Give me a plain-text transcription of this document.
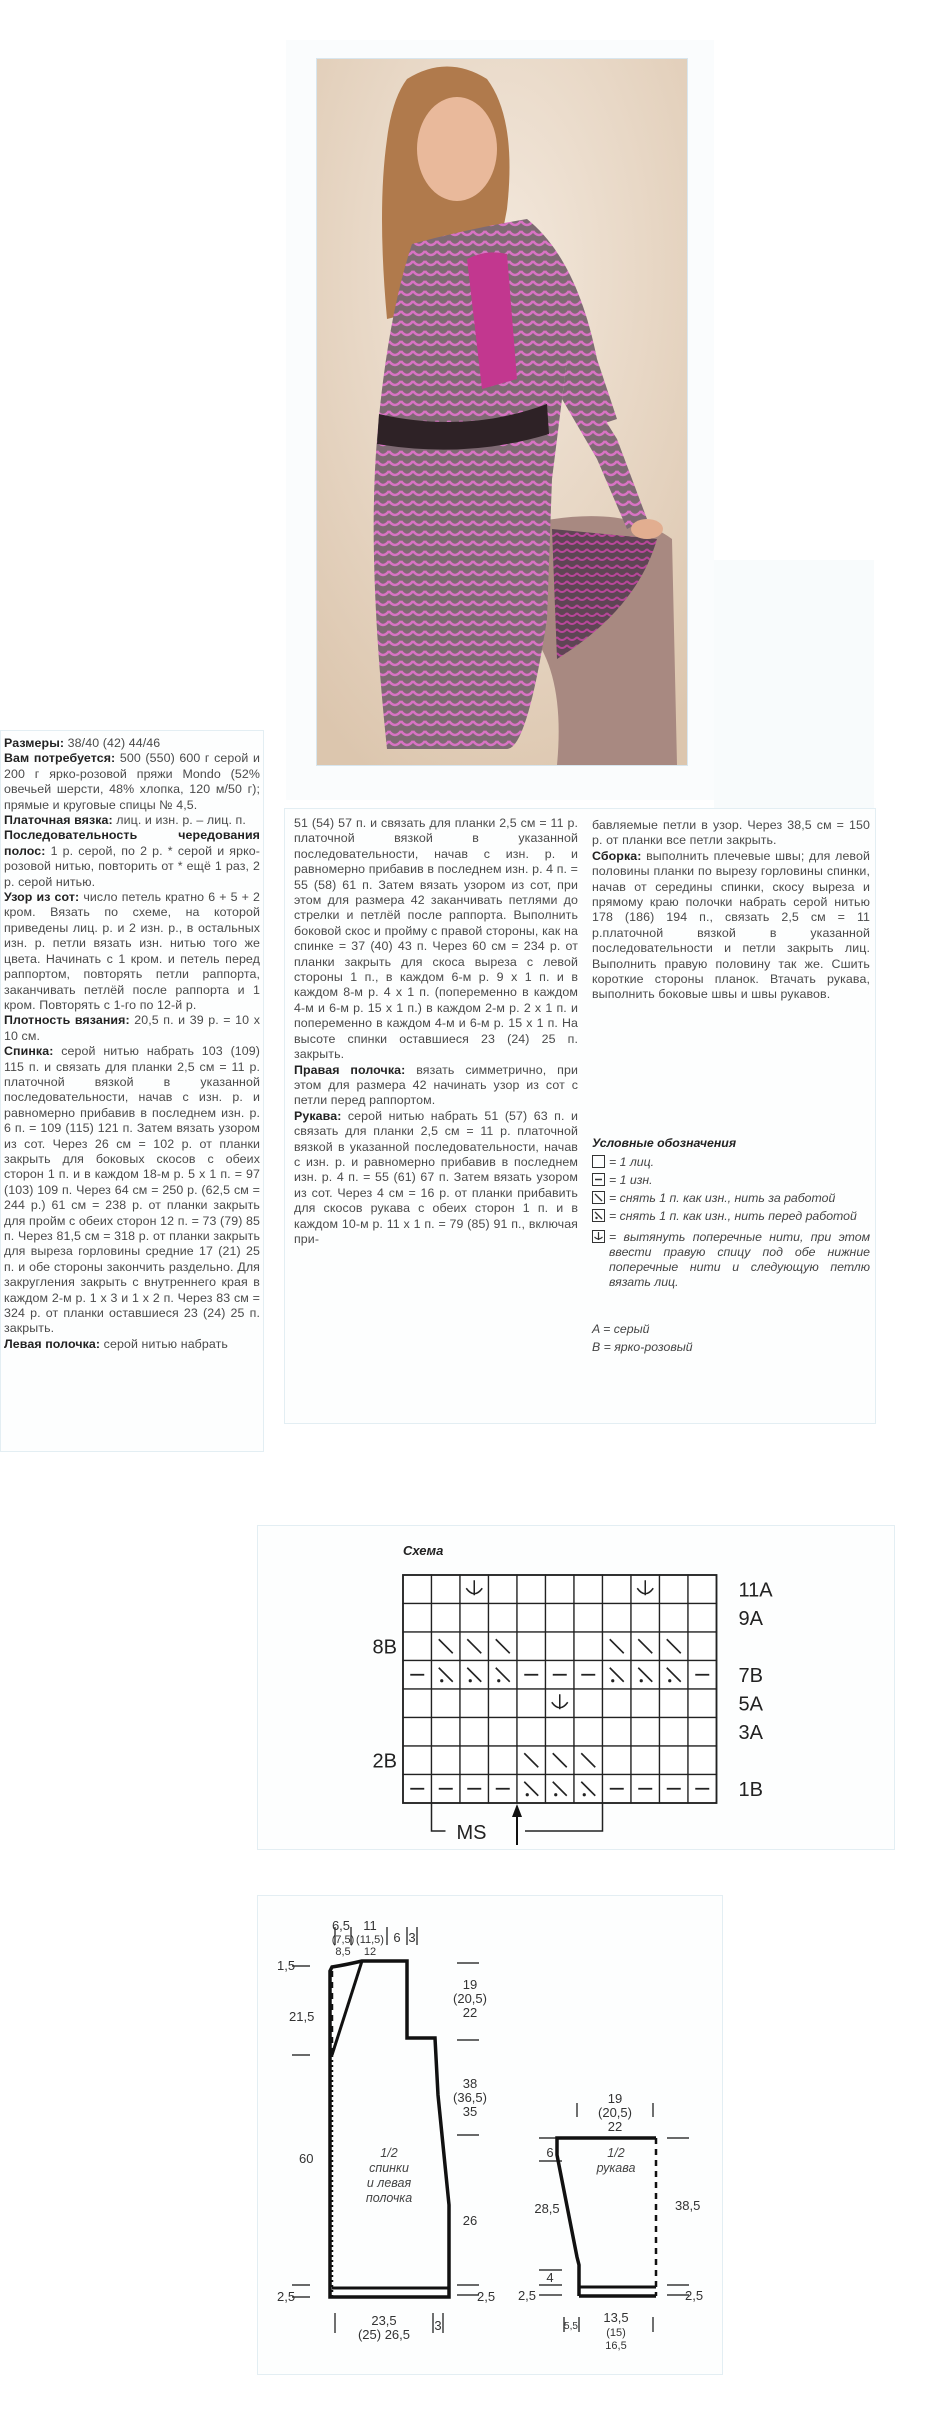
Размеры: 38/40 (42) 44/46

Вам потребуется: 500 (550) 600 г серой и 200 г ярко-розовой пряжи Mondo (52% овечьей шерсти, 48% хлопка, 120 м/50 г); прямые и круговые спицы № 4,5.

Платочная вязка: лиц. и изн. р. – лиц. п.

Последовательность чередования полос: 1 р. серой, по 2 р. * серой и ярко-розовой нитью, повторить от * ещё 1 раз, 2 р. серой нитью.

Узор из сот: число петель кратно 6 + 5 + 2 кром. Вязать по схеме, на которой приведены лиц. р. и 2 изн. р., в остальных изн. р. петли вязать изн. нитью того же цвета. Начинать с 1 кром. и петель перед раппортом, повторять петли раппорта, заканчивать петлёй после раппорта и 1 кром. Повторять с 1-го по 12-й р.

Плотность вязания: 20,5 п. и 39 р. = 10 x 10 см.

Спинка: серой нитью набрать 103 (109) 115 п. и связать для планки 2,5 см = 11 р. платочной вязкой в указанной последовательности, начав с изн. р. и равномерно прибавив в последнем изн. р. 6 п. = 109 (115) 121 п. Затем вязать узором из сот. Через 26 см = 102 р. от планки закрыть для боковых скосов с обеих сторон 1 п. и в каждом 18-м р. 5 x 1 п. = 97 (103) 109 п. Через 64 см = 250 р. (62,5 см = 244 р.) 61 см = 238 р. от планки закрыть для пройм с обеих сторон 12 п. = 73 (79) 85 п. Через 81,5 см = 318 р. от планки закрыть для выреза горловины средние 17 (21) 25 п. и обе стороны закончить раздельно. Для закругления закрыть с внутреннего края в каждом 2-м р. 1 x 3 и 1 x 2 п. Через 83 см = 324 р. от планки оставшиеся 23 (24) 25 п. закрыть.

Левая полочка: серой нитью набрать

51 (54) 57 п. и связать для планки 2,5 см = 11 р. платочной вязкой в указанной последовательности, начав с изн. р. и равномерно прибавив в последнем изн. р. 4 п. = 55 (58) 61 п. Затем вязать узором из сот, при этом для размера 42 заканчивать петлями до стрелки и петлёй после раппорта. Выполнить боковой скос и пройму с правой стороны, как на спинке = 37 (40) 43 п. Через 60 см = 234 р. от планки закрыть для скоса выреза с левой стороны 1 п., в каждом 6-м р. 9 x 1 п. и в каждом 8-м р. 4 x 1 п. (попеременно в каждом 4-м и 6-м р. 15 x 1 п.) в каждом 2-м р. 2 x 1 п. и попеременно в каждом 4-м и 6-м р. 15 x 1 п. На высоте спинки оставшиеся 23 (24) 25 п. закрыть.

Правая полочка: вязать симметрично, при этом для размера 42 начинать узор из сот с петли перед раппортом.

Рукава: серой нитью набрать 51 (57) 63 п. и связать для планки 2,5 см = 11 р. платочной вязкой в указанной последовательности, начав с изн. р. и равномерно прибавив в последнем изн. р. 4 п. = 55 (61) 67 п. Затем вязать узором из сот. Через 4 см = 16 р. от планки прибавить для скосов рукава с обеих сторон 1 п. и в каждом 10-м р. 11 x 1 п. = 79 (85) 91 п., включая при-

бавляемые петли в узор. Через 38,5 см = 150 р. от планки все петли закрыть.

Сборка: выполнить плечевые швы; для левой половины планки по вырезу горловины спинки, начав от середины спинки, скосу выреза и прямому краю полочки набрать серой нитью 178 (186) 194 п., связать 2,5 см = 11 р.платочной вязкой в указанной последовательности и петли закрыть лиц. Выполнить правую половину так же. Сшить короткие стороны планок. Втачать рукава, выполнить боковые швы и швы рукавов.

Условные обозначения
= 1 лиц.
= 1 изн.
= снять 1 п. как изн., нить за работой
= снять 1 п. как изн., нить перед работой
= вытянуть поперечные нити, при этом ввести правую спицу под обе нижние поперечные нити и следующую петлю вязать лиц.
A = серый
B = ярко-розовый
Схема
11A
9A
8B
7B
5A
3A
2B
1B
MS
6,5
(7,5)
8,5
11
(11,5)
12
6 3
1,5
21,5
60
2,5
19
(20,5)
22
38
(36,5)
35
26
2,5
23,5
(25) 26,5
3
1/2
спинки
и левая
полочка
19
(20,5)
22
6
28,5
4
2,5
38,5
2,5
5,5
13,5
(15)
16,5
1/2
рукава
